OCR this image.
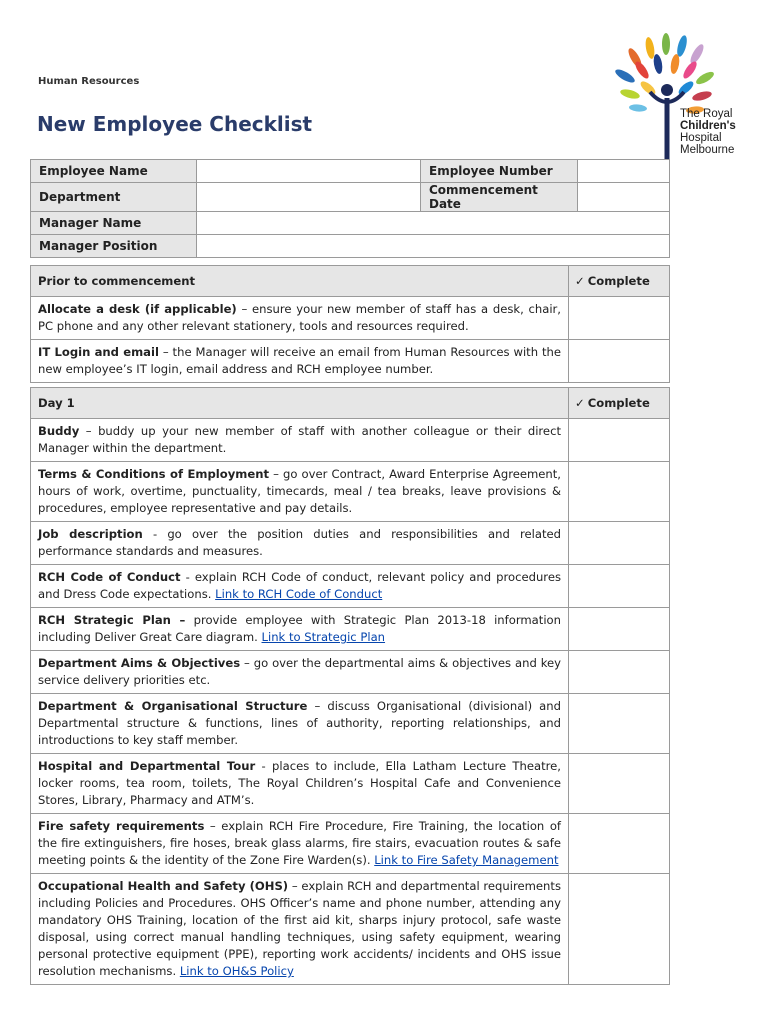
Human Resources
New Employee Checklist	The Royal
Children's
Hospital
Melbourne
Employee Name		Employee Number	
Department		Commencement Date	
Manager Name			
Manager Position			
Prior to commencement	✓ Complete
Allocate a desk (if applicable) – ensure your new member of staff has a desk, chair, PC phone and any other relevant stationery, tools and resources required.	
IT Login and email – the Manager will receive an email from Human Resources with the new employee’s IT login, email address and RCH employee number.	
Day 1	✓ Complete
Buddy – buddy up your new member of staff with another colleague or their direct Manager within the department.	
Terms & Conditions of Employment – go over Contract, Award Enterprise Agreement, hours of work, overtime, punctuality, timecards, meal / tea breaks, leave provisions & procedures, employee representative and pay details.	
Job description - go over the position duties and responsibilities and related performance standards and measures.	
RCH Code of Conduct - explain RCH Code of conduct, relevant policy and procedures and Dress Code expectations. Link to RCH Code of Conduct	
RCH Strategic Plan – provide employee with Strategic Plan 2013-18 information including Deliver Great Care diagram. Link to Strategic Plan	
Department Aims & Objectives – go over the departmental aims & objectives and key service delivery priorities etc.	
Department & Organisational Structure – discuss Organisational (divisional) and Departmental structure & functions, lines of authority, reporting relationships, and introductions to key staff member.	
Hospital and Departmental Tour - places to include, Ella Latham Lecture Theatre, locker rooms, tea room, toilets, The Royal Children’s Hospital Cafe and Convenience Stores, Library, Pharmacy and ATM’s.	
Fire safety requirements – explain RCH Fire Procedure, Fire Training, the location of the fire extinguishers, fire hoses, break glass alarms, fire stairs, evacuation routes & safe meeting points & the identity of the Zone Fire Warden(s). Link to Fire Safety Management	
Occupational Health and Safety (OHS) – explain RCH and departmental requirements including Policies and Procedures. OHS Officer’s name and phone number, attending any mandatory OHS Training, location of the first aid kit, sharps injury protocol, safe waste disposal, using correct manual handling techniques, using safety equipment, wearing personal protective equipment (PPE), reporting work accidents/ incidents and OHS issue resolution mechanisms. Link to OH&S Policy	
